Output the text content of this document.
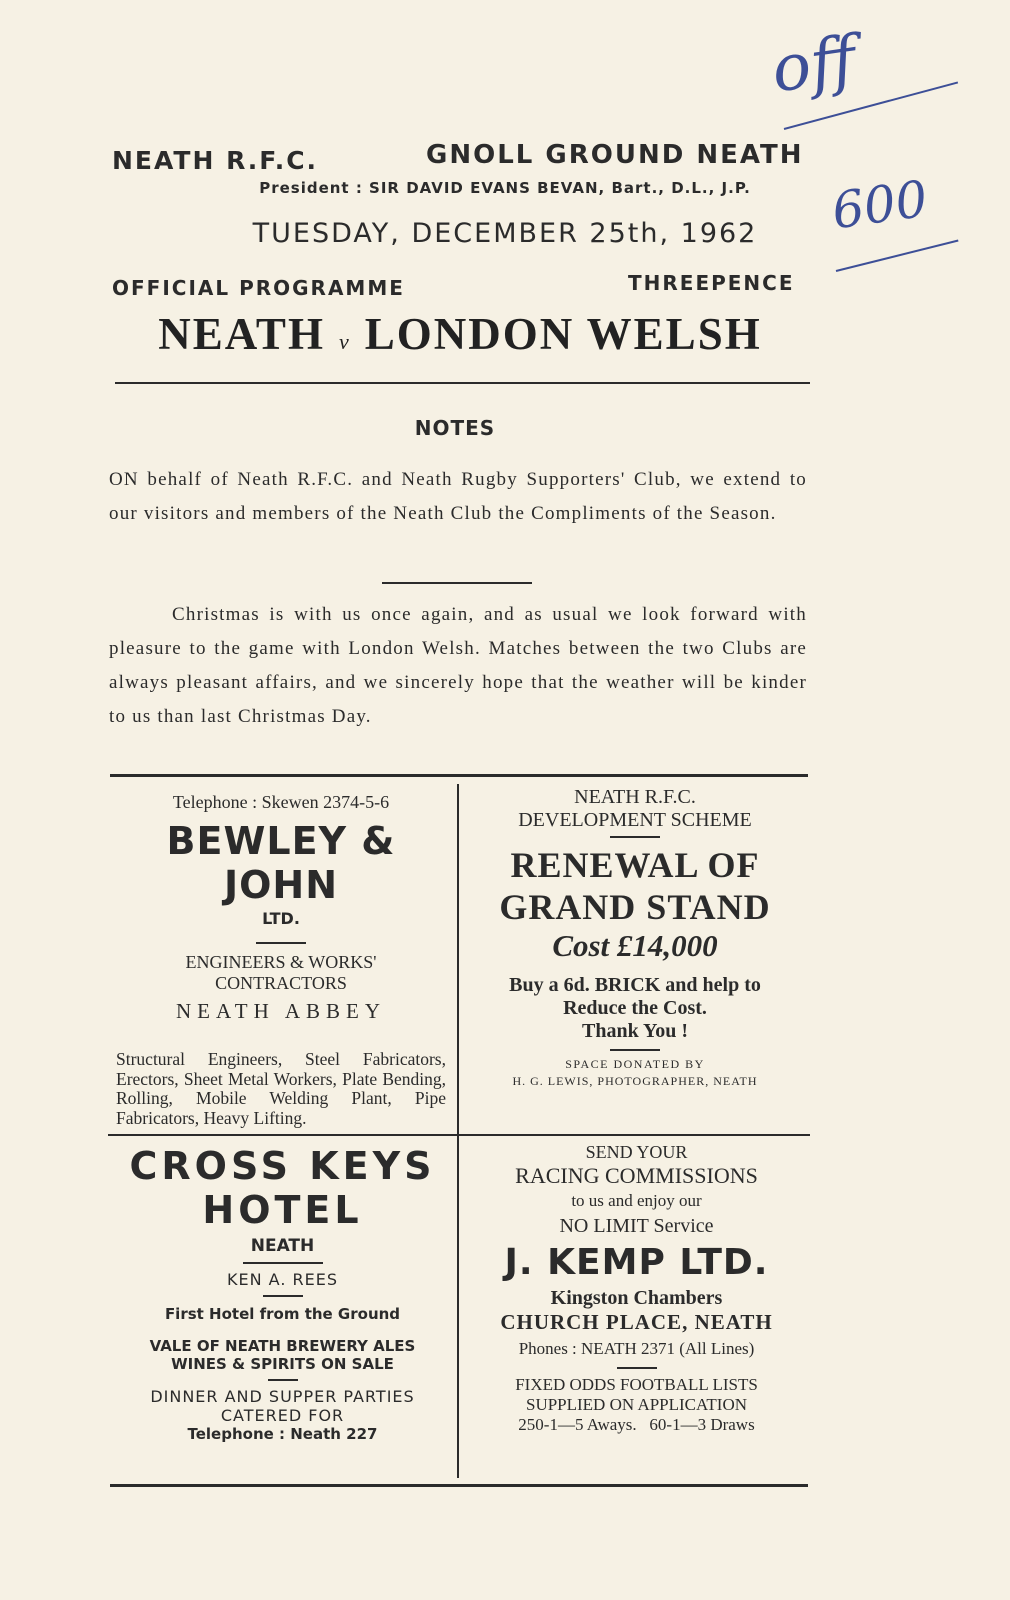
off
600
NEATH R.F.C.	GNOLL GROUND NEATH
President : SIR DAVID EVANS BEVAN, Bart., D.L., J.P.
TUESDAY, DECEMBER 25th, 1962
OFFICIAL PROGRAMME	THREEPENCE
NEATH v LONDON WELSH
NOTES
ON behalf of Neath R.F.C. and Neath Rugby Supporters' Club, we extend to our visitors and members of the Neath Club the Compliments of the Season.
Christmas is with us once again, and as usual we look forward with pleasure to the game with London Welsh. Matches between the two Clubs are always pleasant affairs, and we sincerely hope that the weather will be kinder to us than last Christmas Day.
Telephone : Skewen 2374-5-6
BEWLEY & JOHN
LTD.
ENGINEERS & WORKS'
CONTRACTORS
NEATH ABBEY
Structural Engineers, Steel Fabricators, Erectors, Sheet Metal Workers, Plate Bending, Rolling, Mobile Welding Plant, Pipe Fabricators, Heavy Lifting.
NEATH R.F.C.
DEVELOPMENT SCHEME
RENEWAL OF
GRAND STAND
Cost £14,000
Buy a 6d. BRICK and help to
Reduce the Cost.
Thank You !
SPACE DONATED BY
H. G. LEWIS, PHOTOGRAPHER, NEATH
CROSS KEYS
HOTEL
NEATH
KEN A. REES
First Hotel from the Ground
VALE OF NEATH BREWERY ALES
WINES & SPIRITS ON SALE
DINNER AND SUPPER PARTIES
CATERED FOR
Telephone : Neath 227
SEND YOUR
RACING COMMISSIONS
to us and enjoy our
NO LIMIT Service
J. KEMP LTD.
Kingston Chambers
CHURCH PLACE, NEATH
Phones : NEATH 2371 (All Lines)
FIXED ODDS FOOTBALL LISTS
SUPPLIED ON APPLICATION
250-1—5 Aways.   60-1—3 Draws
